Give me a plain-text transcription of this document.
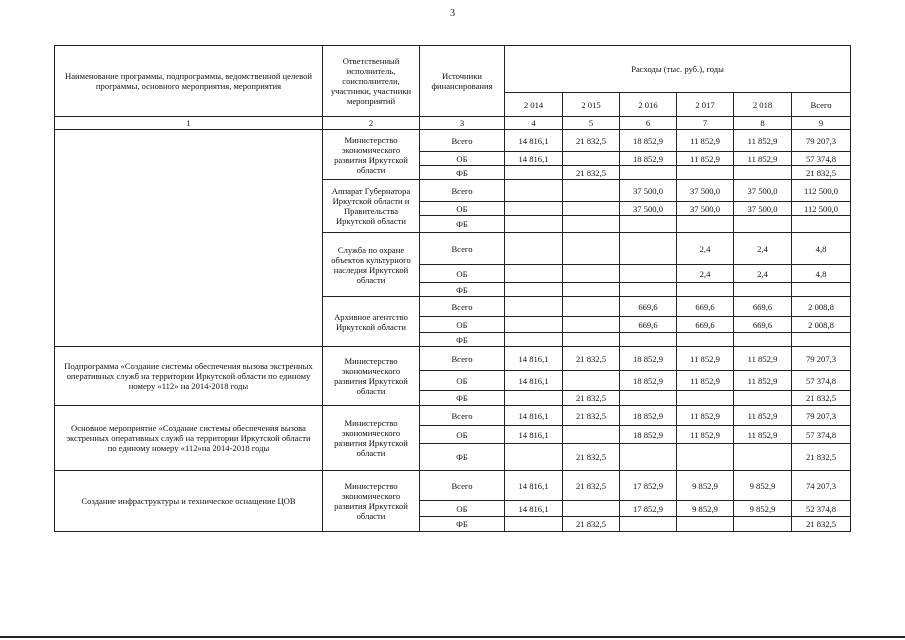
3
Наименование программы, подпрограммы, ведомственной целевой программы, основного мероприятия, мероприятия	Ответственный исполнитель, соисполнители, участники, участники мероприятий	Источники финансирования	Расходы (тыс. руб.), годы					
			2 014	2 015	2 016	2 017	2 018	Всего
1	2	3	4	5	6	7	8	9
	Министерство экономического развития Иркутской области	Всего	14 816,1	21 832,5	18 852,9	11 852,9	11 852,9	79 207,3
		ОБ	14 816,1		18 852,9	11 852,9	11 852,9	57 374,8
		ФБ		21 832,5				21 832,5
	Аппарат Губернатора Иркутской области и Правительства Иркутской области	Всего			37 500,0	37 500,0	37 500,0	112 500,0
		ОБ			37 500,0	37 500,0	37 500,0	112 500,0
		ФБ						
	Служба по охране объектов культурного наследия Иркутской области	Всего				2,4	2,4	4,8
		ОБ				2,4	2,4	4,8
		ФБ						
	Архивное агентство Иркутской области	Всего			669,6	669,6	669,6	2 008,8
		ОБ			669,6	669,6	669,6	2 008,8
		ФБ						
Подпрограмма «Создание системы обеспечения вызова экстренных оперативных служб на территории Иркутской области по единому номеру «112» на 2014-2018 годы	Министерство экономического развития Иркутской области	Всего	14 816,1	21 832,5	18 852,9	11 852,9	11 852,9	79 207,3
		ОБ	14 816,1		18 852,9	11 852,9	11 852,9	57 374,8
		ФБ		21 832,5				21 832,5
Основное мероприятие «Создание системы обеспечения вызова экстренных оперативных служб на территории Иркутской области по единому номеру «112»на 2014-2018 годы	Министерство экономического развития Иркутской области	Всего	14 816,1	21 832,5	18 852,9	11 852,9	11 852,9	79 207,3
		ОБ	14 816,1		18 852,9	11 852,9	11 852,9	57 374,8
		ФБ		21 832,5				21 832,5
Создание инфраструктуры и техническое оснащение ЦОВ	Министерство экономического развития Иркутской области	Всего	14 816,1	21 832,5	17 852,9	9 852,9	9 852,9	74 207,3
		ОБ	14 816,1		17 852,9	9 852,9	9 852,9	52 374,8
		ФБ		21 832,5				21 832,5
